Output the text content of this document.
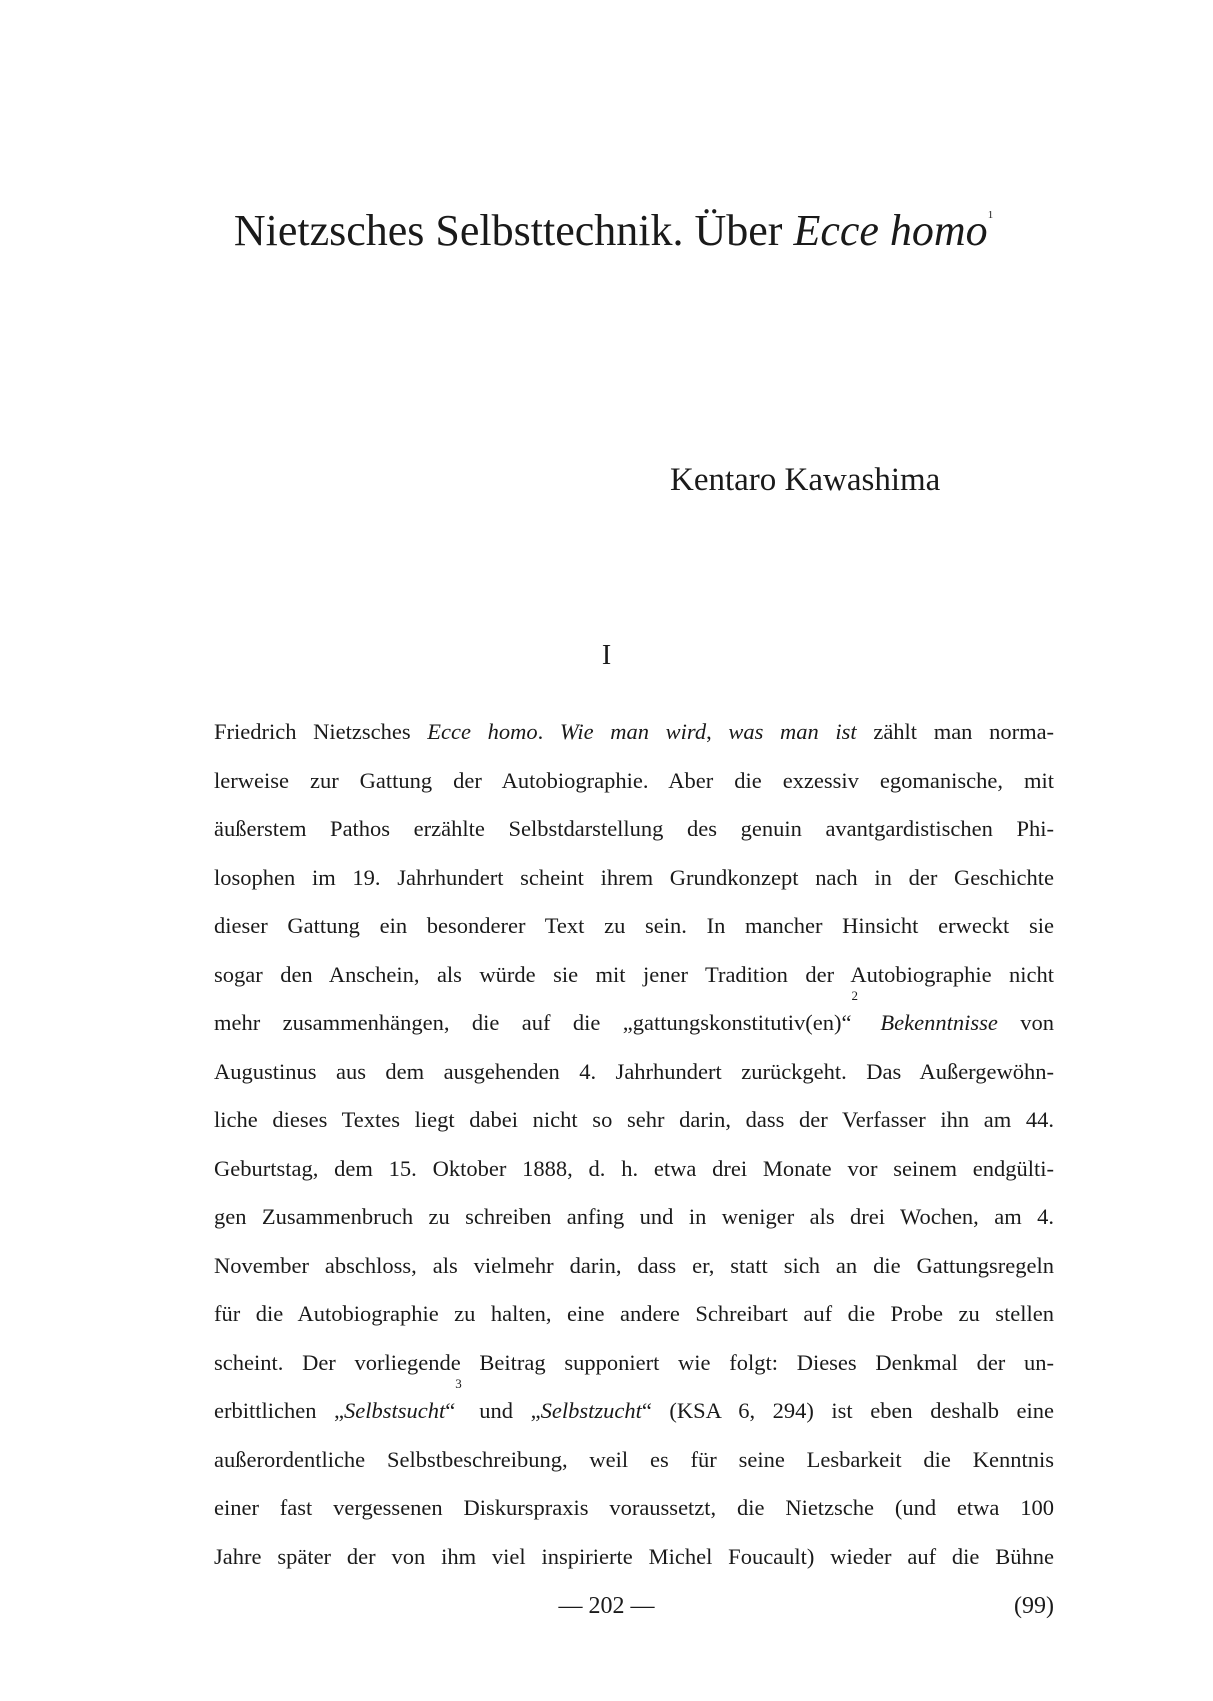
Nietzsches Selbsttechnik. Über Ecce homo$^1$
Kentaro Kawashima
I
Friedrich Nietzsches Ecce homo. Wie man wird, was man ist zählt man norma-
lerweise zur Gattung der Autobiographie. Aber die exzessiv egomanische, mit
äußerstem Pathos erzählte Selbstdarstellung des genuin avantgardistischen Phi-
losophen im 19. Jahrhundert scheint ihrem Grundkonzept nach in der Geschichte
dieser Gattung ein besonderer Text zu sein. In mancher Hinsicht erweckt sie
sogar den Anschein, als würde sie mit jener Tradition der Autobiographie nicht
mehr zusammenhängen, die auf die „gattungskonstitutiv(en)“$^2$ Bekenntnisse von
Augustinus aus dem ausgehenden 4. Jahrhundert zurückgeht. Das Außergewöhn-
liche dieses Textes liegt dabei nicht so sehr darin, dass der Verfasser ihn am 44.
Geburtstag, dem 15. Oktober 1888, d. h. etwa drei Monate vor seinem endgülti-
gen Zusammenbruch zu schreiben anfing und in weniger als drei Wochen, am 4.
November abschloss, als vielmehr darin, dass er, statt sich an die Gattungsregeln
für die Autobiographie zu halten, eine andere Schreibart auf die Probe zu stellen
scheint. Der vorliegende Beitrag supponiert wie folgt: Dieses Denkmal der un-
erbittlichen „Selbstsucht“$^3$ und „Selbstzucht“ (KSA 6, 294) ist eben deshalb eine
außerordentliche Selbstbeschreibung, weil es für seine Lesbarkeit die Kenntnis
einer fast vergessenen Diskurspraxis voraussetzt, die Nietzsche (und etwa 100
Jahre später der von ihm viel inspirierte Michel Foucault) wieder auf die Bühne
— 202 —	(99)
